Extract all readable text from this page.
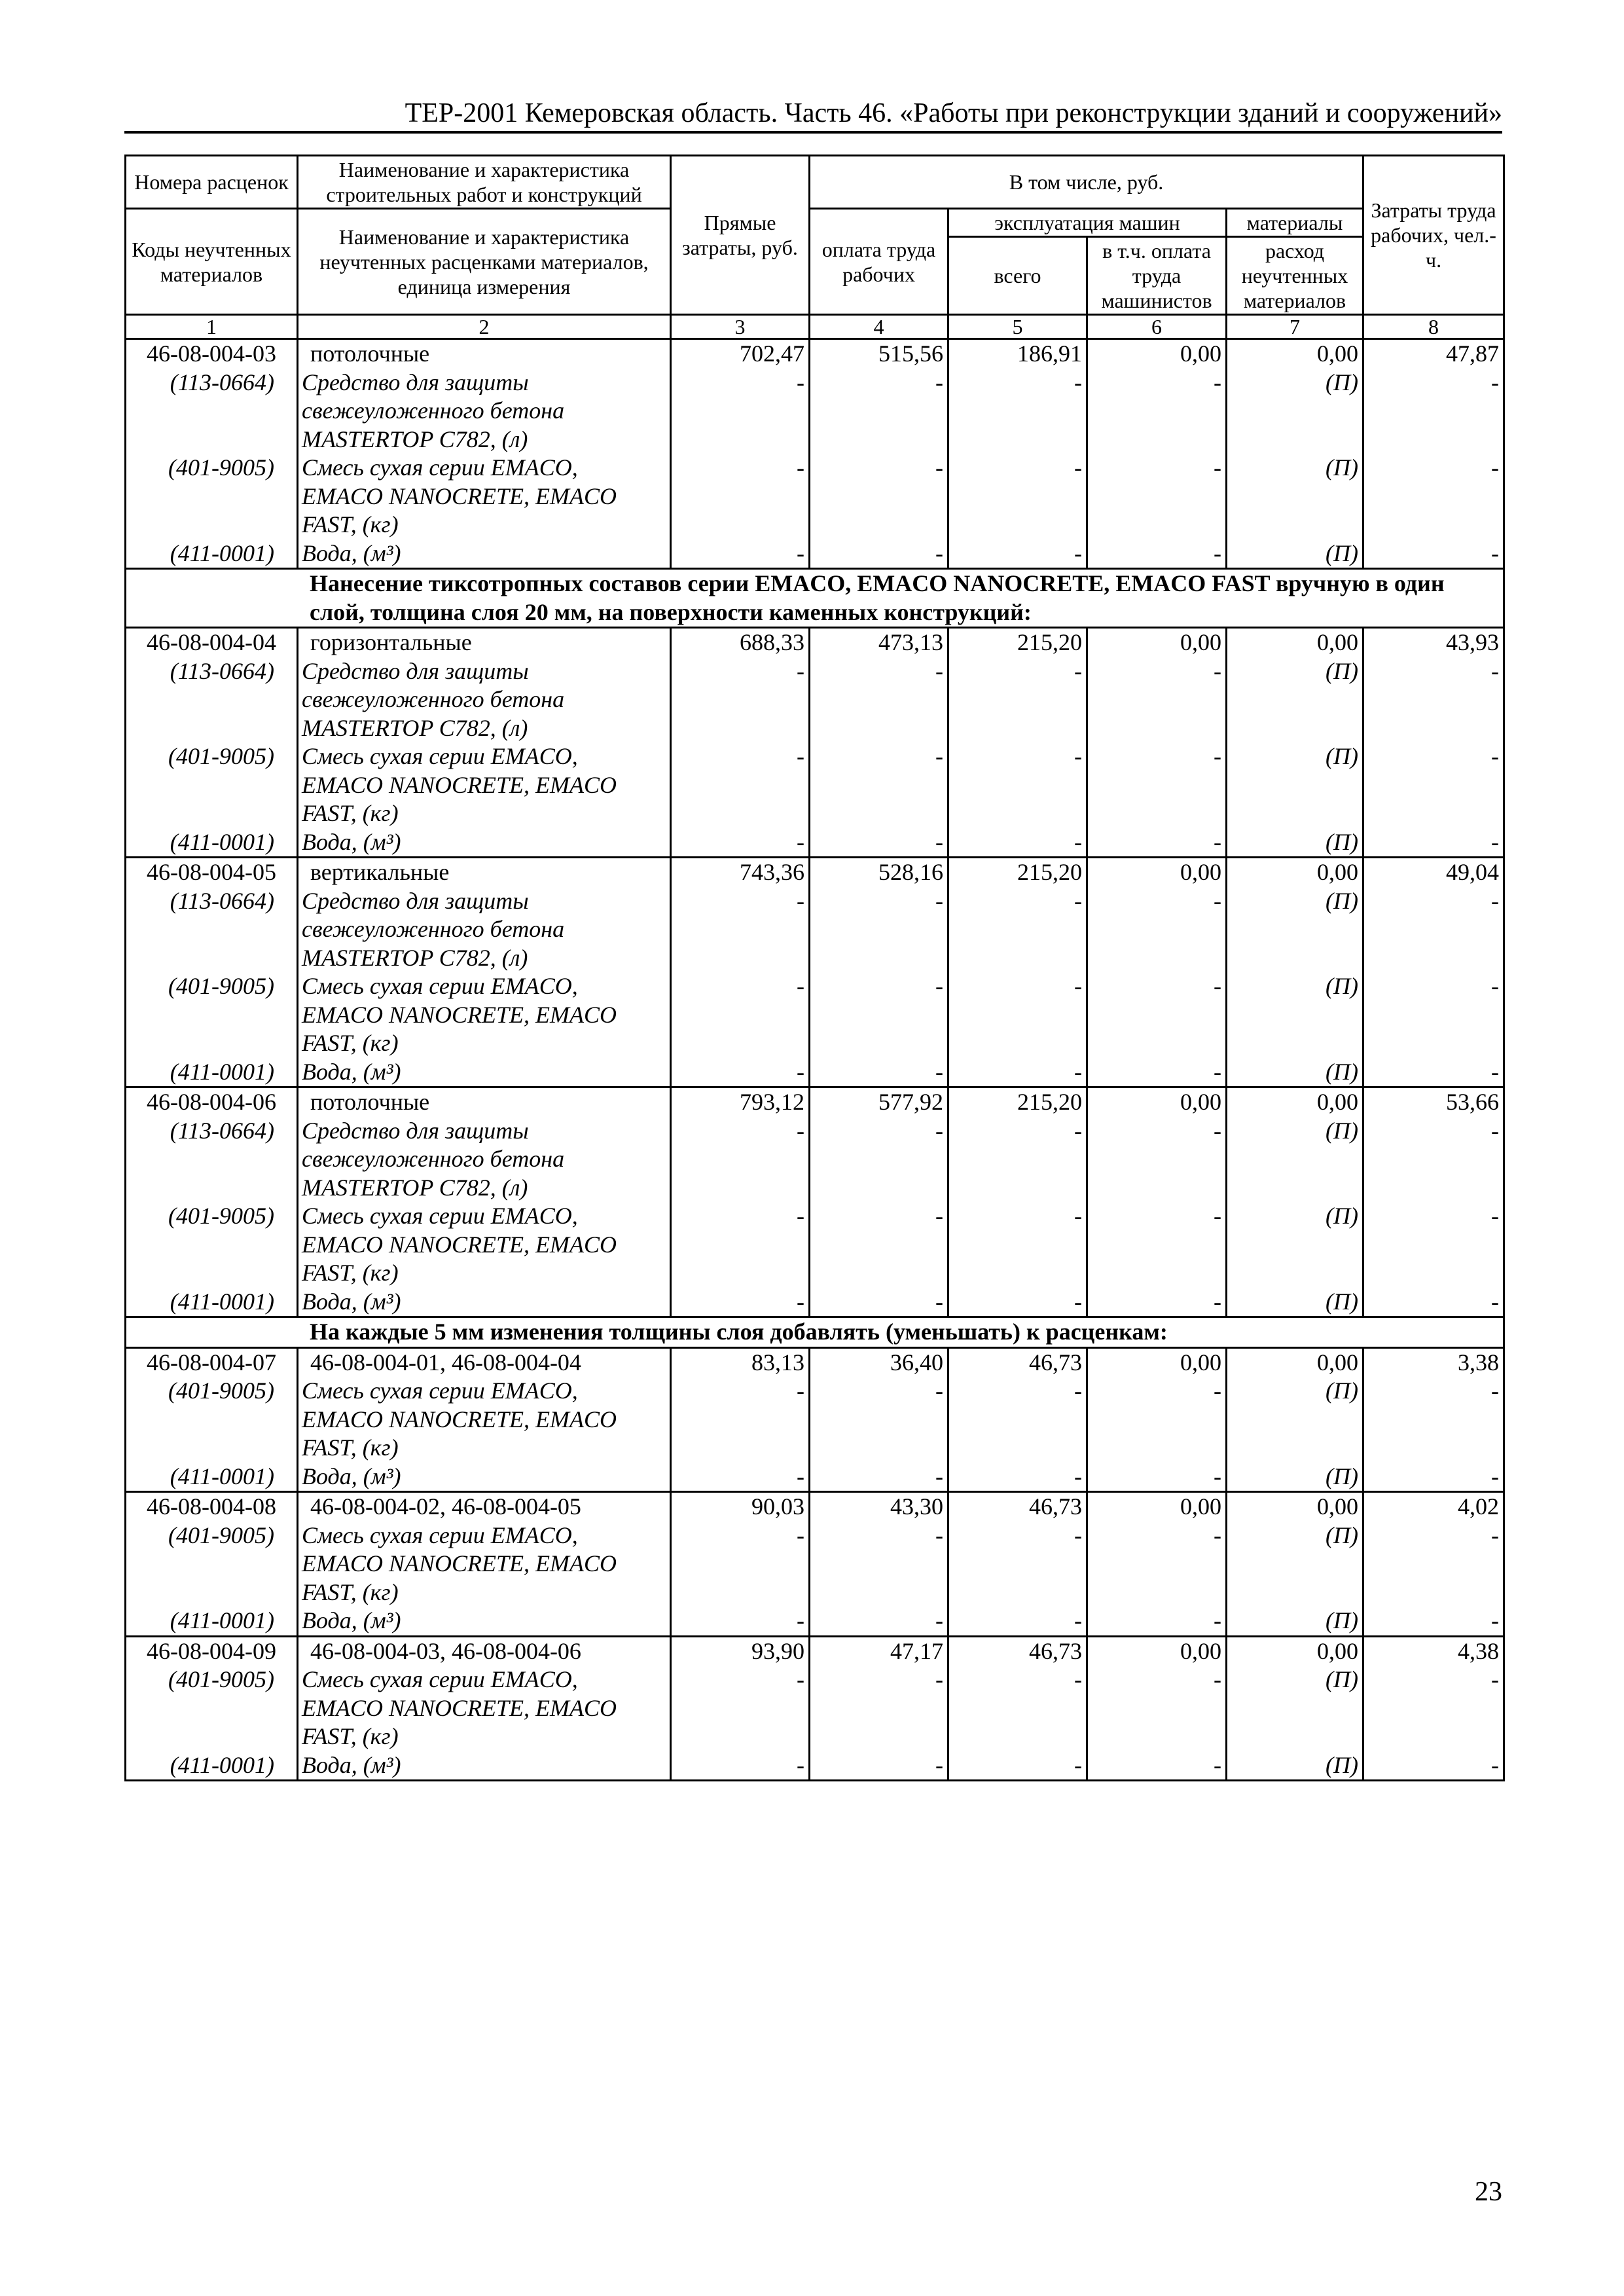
ТЕР-2001 Кемеровская область. Часть 46. «Работы при реконструкции зданий и сооружений»
Номера расценок	Наименование и характеристика строительных работ и конструкций	Прямые затраты, руб.	В том числе, руб.				Затраты труда рабочих, чел.-ч.
Коды неучтенных материалов	Наименование и характеристика неучтенных расценками материалов, единица измерения		оплата труда рабочих	эксплуатация машин		материалы	
				всего	в т.ч. оплата труда машинистов	расход неучтенных материалов	
1	2	3	4	5	6	7	8
46-08-004-03	потолочные	702,47	515,56	186,91	0,00	0,00	47,87
(113-0664)	Средство для защиты
свежеуложенного бетона
MASTERTOP C782, (л)	-	-	-	-	(П)	-
(401-9005)	Смесь сухая серии EMACO,
EMACO NANOCRETE, EMACO
FAST, (кг)	-	-	-	-	(П)	-
(411-0001)	Вода, (м³)	-	-	-	-	(П)	-
Нанесение тиксотропных составов серии EMACO, EMACO NANOCRETE, EMACO FAST вручную в один слой, толщина слоя 20 мм, на поверхности каменных конструкций:							
46-08-004-04	горизонтальные	688,33	473,13	215,20	0,00	0,00	43,93
(113-0664)	Средство для защиты
свежеуложенного бетона
MASTERTOP C782, (л)	-	-	-	-	(П)	-
(401-9005)	Смесь сухая серии EMACO,
EMACO NANOCRETE, EMACO
FAST, (кг)	-	-	-	-	(П)	-
(411-0001)	Вода, (м³)	-	-	-	-	(П)	-
46-08-004-05	вертикальные	743,36	528,16	215,20	0,00	0,00	49,04
(113-0664)	Средство для защиты
свежеуложенного бетона
MASTERTOP C782, (л)	-	-	-	-	(П)	-
(401-9005)	Смесь сухая серии EMACO,
EMACO NANOCRETE, EMACO
FAST, (кг)	-	-	-	-	(П)	-
(411-0001)	Вода, (м³)	-	-	-	-	(П)	-
46-08-004-06	потолочные	793,12	577,92	215,20	0,00	0,00	53,66
(113-0664)	Средство для защиты
свежеуложенного бетона
MASTERTOP C782, (л)	-	-	-	-	(П)	-
(401-9005)	Смесь сухая серии EMACO,
EMACO NANOCRETE, EMACO
FAST, (кг)	-	-	-	-	(П)	-
(411-0001)	Вода, (м³)	-	-	-	-	(П)	-
На каждые 5 мм изменения толщины слоя добавлять (уменьшать) к расценкам:							
46-08-004-07	46-08-004-01, 46-08-004-04	83,13	36,40	46,73	0,00	0,00	3,38
(401-9005)	Смесь сухая серии EMACO,
EMACO NANOCRETE, EMACO
FAST, (кг)	-	-	-	-	(П)	-
(411-0001)	Вода, (м³)	-	-	-	-	(П)	-
46-08-004-08	46-08-004-02, 46-08-004-05	90,03	43,30	46,73	0,00	0,00	4,02
(401-9005)	Смесь сухая серии EMACO,
EMACO NANOCRETE, EMACO
FAST, (кг)	-	-	-	-	(П)	-
(411-0001)	Вода, (м³)	-	-	-	-	(П)	-
46-08-004-09	46-08-004-03, 46-08-004-06	93,90	47,17	46,73	0,00	0,00	4,38
(401-9005)	Смесь сухая серии EMACO,
EMACO NANOCRETE, EMACO
FAST, (кг)	-	-	-	-	(П)	-
(411-0001)	Вода, (м³)	-	-	-	-	(П)	-
23
